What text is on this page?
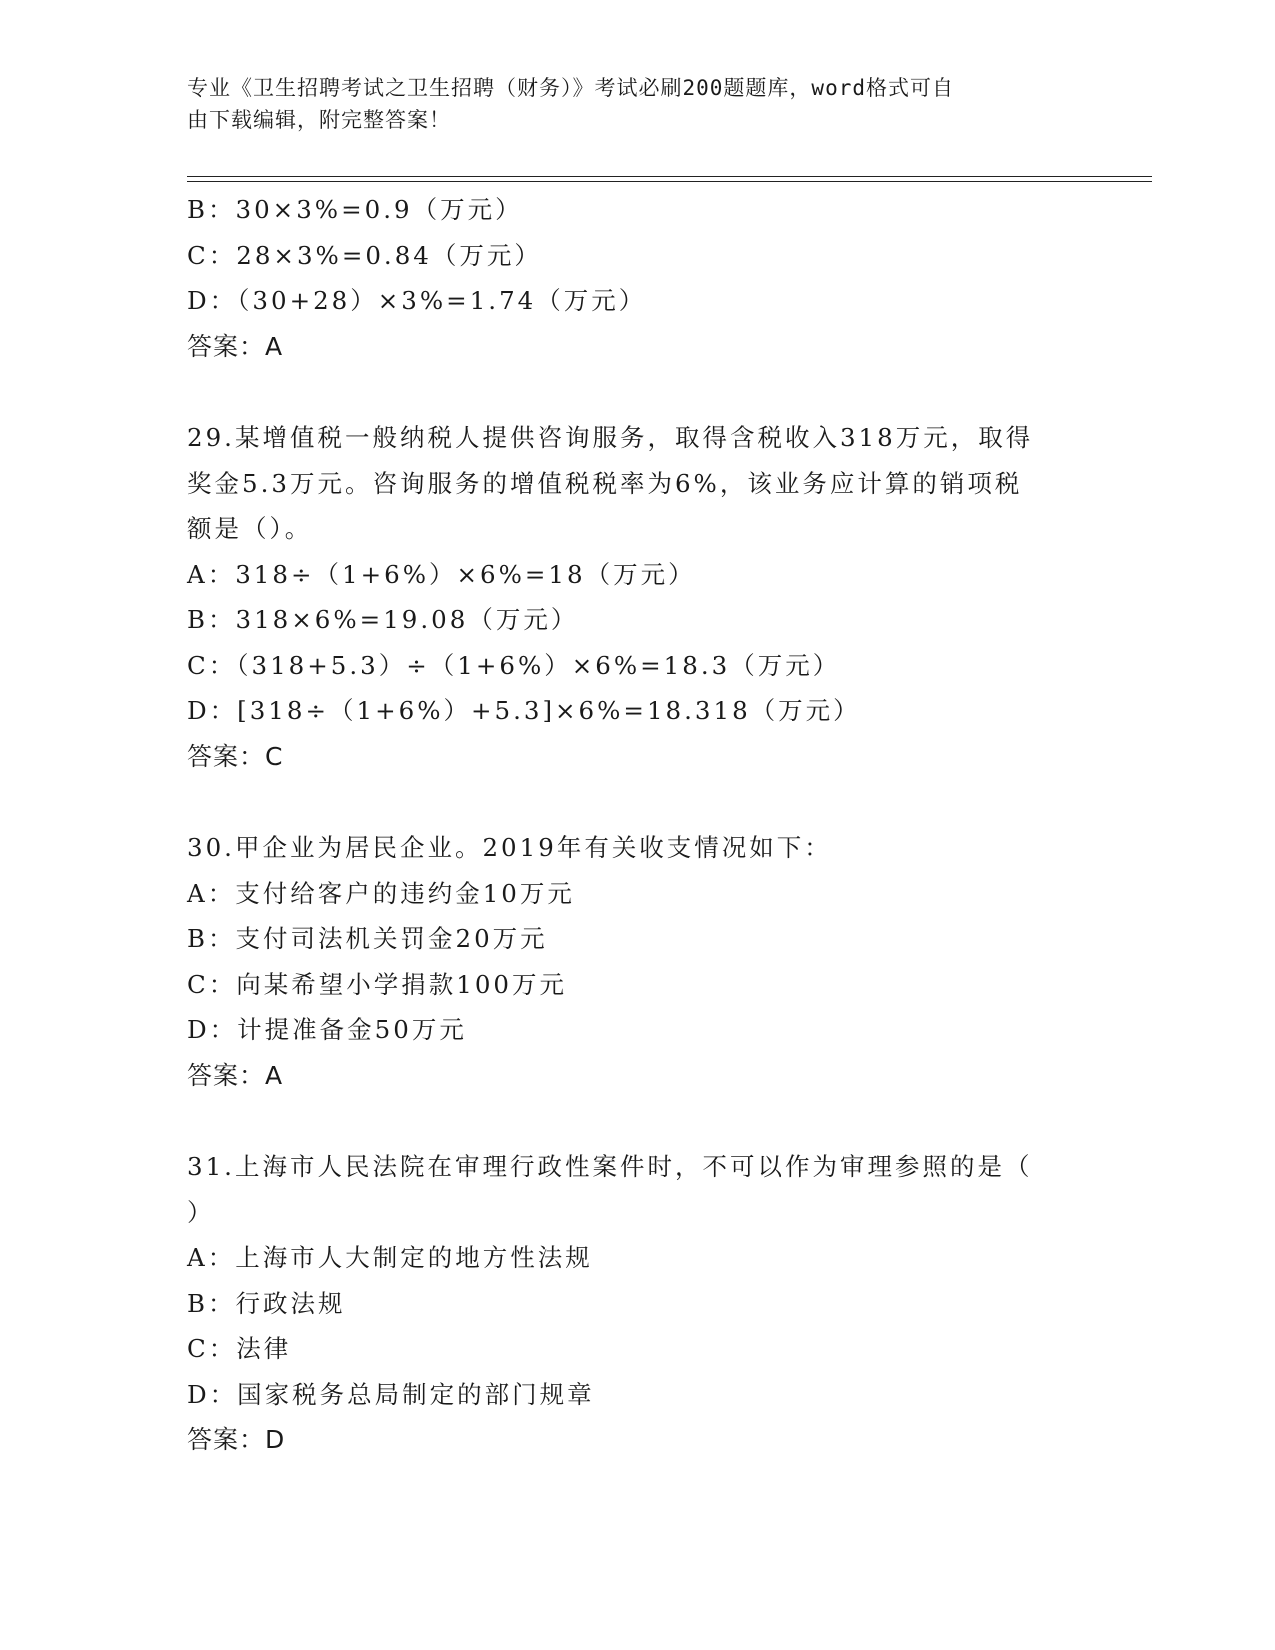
专业《卫生招聘考试之卫生招聘（财务）》考试必刷200题题库，word格式可自
由下载编辑，附完整答案！
B：30×3%=0.9（万元）
C：28×3%=0.84（万元）
D：（30+28）×3%=1.74（万元）
答案：A
29.某增值税一般纳税人提供咨询服务，取得含税收入318万元，取得
奖金5.3万元。咨询服务的增值税税率为6%，该业务应计算的销项税
额是（）。
A：318÷（1+6%）×6%=18（万元）
B：318×6%=19.08（万元）
C：（318+5.3）÷（1+6%）×6%=18.3（万元）
D：[318÷（1+6%）+5.3]×6%=18.318（万元）
答案：C
30.甲企业为居民企业。2019年有关收支情况如下：
A：支付给客户的违约金10万元
B：支付司法机关罚金20万元
C：向某希望小学捐款100万元
D：计提准备金50万元
答案：A
31.上海市人民法院在审理行政性案件时，不可以作为审理参照的是（
）
A：上海市人大制定的地方性法规
B：行政法规
C：法律
D：国家税务总局制定的部门规章
答案：D
